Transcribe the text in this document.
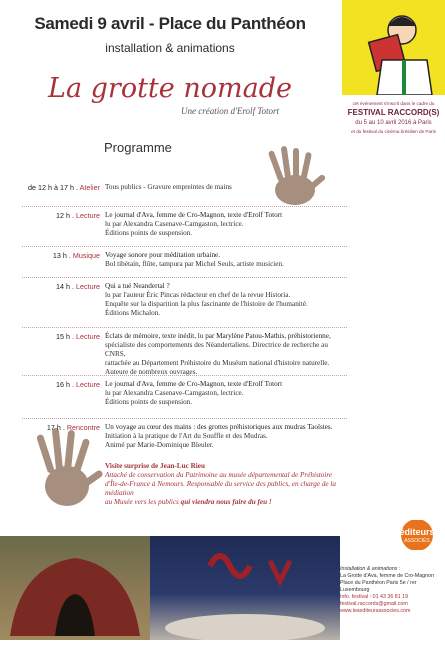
Samedi 9 avril - Place du Panthéon
installation & animations
La grotte nomade
Une création d'Erolf Totort
Programme
cet événement s'inscrit dans le cadre du
FESTIVAL RACCORD(S)
du 5 au 10 avril 2016 à Paris
et du festival du cinéma brésilien de Paris
de 12 h à 17 h . Atelier Tous publics - Gravure empreintes de mains
12 h . Lecture Le journal d'Ava, femme de Cro-Magnon, texte d'Erolf Totort
lu par Alexandra Casenave-Camgaston, lectrice.
Éditions points de suspension.
13 h . Musique Voyage sonore pour méditation urbaine.
Bol tibétain, flûte, tampura par Michel Seuls, artiste musicien.
14 h . Lecture Qui a tué Neandertal ?
lu par l'auteur Éric Pincas rédacteur en chef de la revue Historia.
Enquête sur la disparition la plus fascinante de l'histoire de l'humanité.
Éditions Michalon.
15 h . Lecture Éclats de mémoire, texte inédit, lu par Marylène Patou-Mathis, préhistorienne,
spécialiste des comportements des Néandertaliens. Directrice de recherche au CNRS,
rattachée au Département Préhistoire du Muséum national d'histoire naturelle.
Auteure de nombreux ouvrages.
16 h . Lecture Le journal d'Ava, femme de Cro-Magnon, texte d'Erolf Totort
lu par Alexandra Casenave-Camgaston, lectrice.
Éditions points de suspension.
17 h . Rencontre Un voyage au cœur des mains : des grottes préhistoriques aux mudras Taoïstes.
Initiation à la pratique de l'Art du Souffle et des Mudras.
Animé par Marie-Dominique Bleuler.
Visite surprise de Jean-Luc Rieu
Attaché de conservation du Patrimoine au musée départemental de Préhistoire
d'Île-de-France à Nemours. Responsable du service des publics, en charge de la médiation
au Musée vers les publics qui viendra nous faire du feu !
éditeurs
ASSOCIÉS
Installation & animations :
La Grotte d'Ava, femme de Cro-Magnon
Place du Panthéon Paris 5e / rer Luxembourg
Info. festival : 01 43 36 81 19
festival.raccords@gmail.com
www.lesediteursassocies.com
